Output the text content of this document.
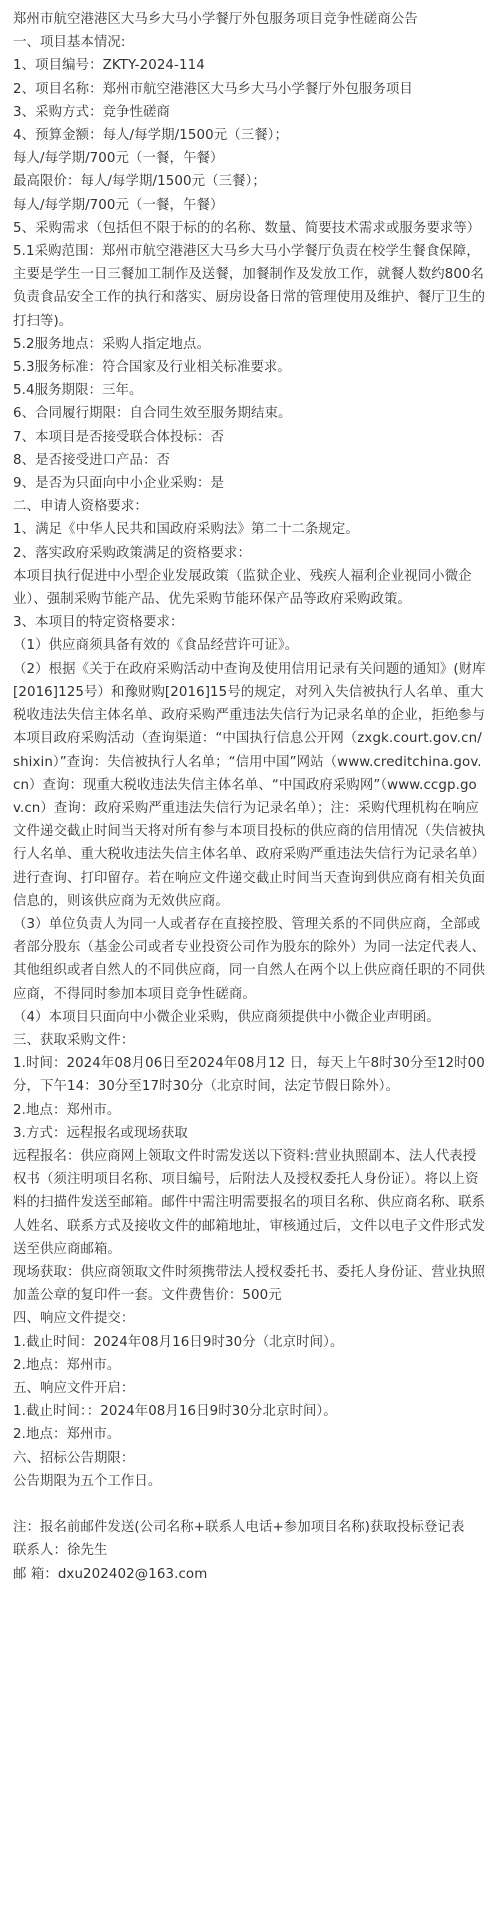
郑州市航空港港区大马乡大马小学餐厅外包服务项目竞争性磋商公告

一、项目基本情况:

1、项目编号：ZKTY-2024-114

2、项目名称：郑州市航空港港区大马乡大马小学餐厅外包服务项目

3、采购方式：竞争性磋商

4、预算金额：每人/每学期/1500元（三餐）；

每人/每学期/700元（一餐，午餐）

最高限价：每人/每学期/1500元（三餐）；

每人/每学期/700元（一餐，午餐）

5、采购需求（包括但不限于标的的名称、数量、简要技术需求或服务要求等）

5.1采购范围：郑州市航空港港区大马乡大马小学餐厅负责在校学生餐食保障，主要是学生一日三餐加工制作及送餐，加餐制作及发放工作，就餐人数约800名负责食品安全工作的执行和落实、厨房设备日常的管理使用及维护、餐厅卫生的打扫等)。

5.2服务地点：采购人指定地点。

5.3服务标准：符合国家及行业相关标准要求。

5.4服务期限：三年。

6、合同履行期限：自合同生效至服务期结束。

7、本项目是否接受联合体投标：否

8、是否接受进口产品：否

9、是否为只面向中小企业采购：是

二、申请人资格要求：

1、满足《中华人民共和国政府采购法》第二十二条规定。

2、落实政府采购政策满足的资格要求：

本项目执行促进中小型企业发展政策（监狱企业、残疾人福利企业视同小微企业）、强制采购节能产品、优先采购节能环保产品等政府采购政策。

3、本项目的特定资格要求：

（1）供应商须具备有效的《食品经营许可证》。

（2）根据《关于在政府采购活动中查询及使用信用记录有关问题的通知》(财库[2016]125号）和豫财购[2016]15号的规定，对列入失信被执行人名单、重大税收违法失信主体名单、政府采购严重违法失信行为记录名单的企业，拒绝参与本项目政府采购活动（查询渠道：“中国执行信息公开网（zxgk.court.gov.cn/shixin）”查询：失信被执行人名单；“信用中国”网站（www.creditchina.gov.cn）查询：现重大税收违法失信主体名单、“中国政府采购网”（www.ccgp.gov.cn）查询：政府采购严重违法失信行为记录名单）；注：采购代理机构在响应文件递交截止时间当天将对所有参与本项目投标的供应商的信用情况（失信被执行人名单、重大税收违法失信主体名单、政府采购严重违法失信行为记录名单）进行查询、打印留存。若在响应文件递交截止时间当天查询到供应商有相关负面信息的，则该供应商为无效供应商。

（3）单位负责人为同一人或者存在直接控股、管理关系的不同供应商，全部或者部分股东（基金公司或者专业投资公司作为股东的除外）为同一法定代表人、其他组织或者自然人的不同供应商，同一自然人在两个以上供应商任职的不同供应商，不得同时参加本项目竞争性磋商。

（4）本项目只面向中小微企业采购，供应商须提供中小微企业声明函。

三、获取采购文件：

1.时间：2024年08月06日至2024年08月12 日，每天上午8时30分至12时00分，下午14：30分至17时30分（北京时间，法定节假日除外）。

2.地点：郑州市。

3.方式：远程报名或现场获取

远程报名：供应商网上领取文件时需发送以下资料:营业执照副本、法人代表授权书（须注明项目名称、项目编号，后附法人及授权委托人身份证）。将以上资料的扫描件发送至邮箱。邮件中需注明需要报名的项目名称、供应商名称、联系人姓名、联系方式及接收文件的邮箱地址，审核通过后，文件以电子文件形式发送至供应商邮箱。

现场获取：供应商领取文件时须携带法人授权委托书、委托人身份证、营业执照加盖公章的复印件一套。文件费售价：500元

四、响应文件提交：

1.截止时间：2024年08月16日9时30分（北京时间）。

2.地点：郑州市。

五、响应文件开启：

1.截止时间：：2024年08月16日9时30分北京时间）。

2.地点：郑州市。

六、招标公告期限：

公告期限为五个工作日。

注：报名前邮件发送(公司名称+联系人电话+参加项目名称)获取投标登记表

联系人：徐先生

邮 箱：dxu202402@163.com
